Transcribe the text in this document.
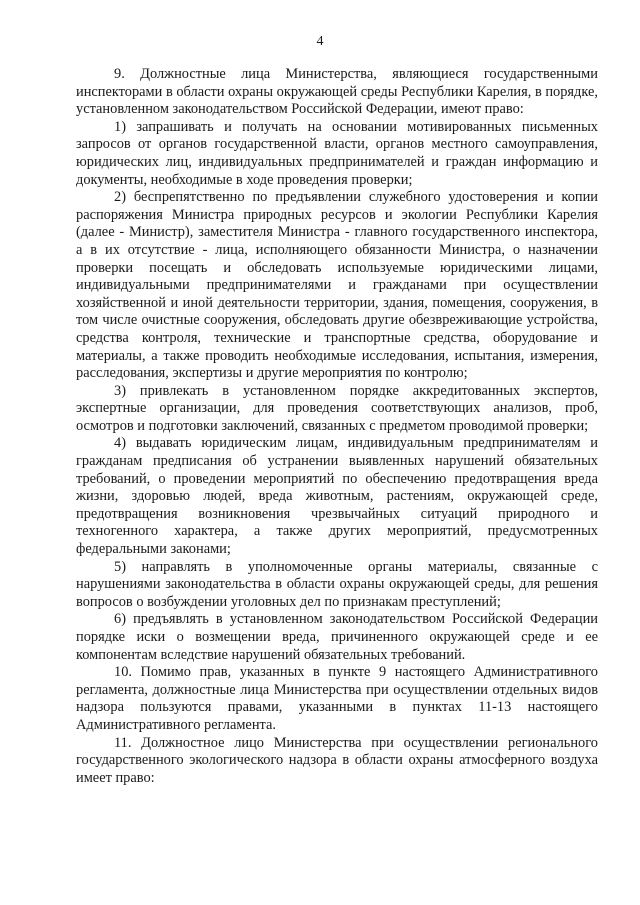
4

9. Должностные лица Министерства, являющиеся государственными инспекторами в области охраны окружающей среды Республики Карелия, в порядке, установленном законодательством Российской Федерации, имеют право:

1) запрашивать и получать на основании мотивированных письменных запросов от органов государственной власти, органов местного самоуправления, юридических лиц, индивидуальных предпринимателей и граждан информацию и документы, необходимые в ходе проведения проверки;

2) беспрепятственно по предъявлении служебного удостоверения и копии распоряжения Министра природных ресурсов и экологии Республики Карелия (далее - Министр), заместителя Министра - главного государственного инспектора, а в их отсутствие - лица, исполняющего обязанности Министра, о назначении проверки посещать и обследовать используемые юридическими лицами, индивидуальными предпринимателями и гражданами при осуществлении хозяйственной и иной деятельности территории, здания, помещения, сооружения, в том числе очистные сооружения, обследовать другие обезвреживающие устройства, средства контроля, технические и транспортные средства, оборудование и материалы, а также проводить необходимые исследования, испытания, измерения, расследования, экспертизы и другие мероприятия по контролю;

3) привлекать в установленном порядке аккредитованных экспертов, экспертные организации, для проведения соответствующих анализов, проб, осмотров и подготовки заключений, связанных с предметом проводимой проверки;

4) выдавать юридическим лицам, индивидуальным предпринимателям и гражданам предписания об устранении выявленных нарушений обязательных требований, о проведении мероприятий по обеспечению предотвращения вреда жизни, здоровью людей, вреда животным, растениям, окружающей среде, предотвращения возникновения чрезвычайных ситуаций природного и техногенного характера, а также других мероприятий, предусмотренных федеральными законами;

5) направлять в уполномоченные органы материалы, связанные с нарушениями законодательства в области охраны окружающей среды, для решения вопросов о возбуждении уголовных дел по признакам преступлений;

6) предъявлять в установленном законодательством Российской Федерации порядке иски о возмещении вреда, причиненного окружающей среде и ее компонентам вследствие нарушений обязательных требований.

10. Помимо прав, указанных в пункте 9 настоящего Административного регламента, должностные лица Министерства при осуществлении отдельных видов надзора пользуются правами, указанными в пунктах 11-13 настоящего Административного регламента.

11. Должностное лицо Министерства при осуществлении регионального государственного экологического надзора в области охраны атмосферного воздуха имеет право:
